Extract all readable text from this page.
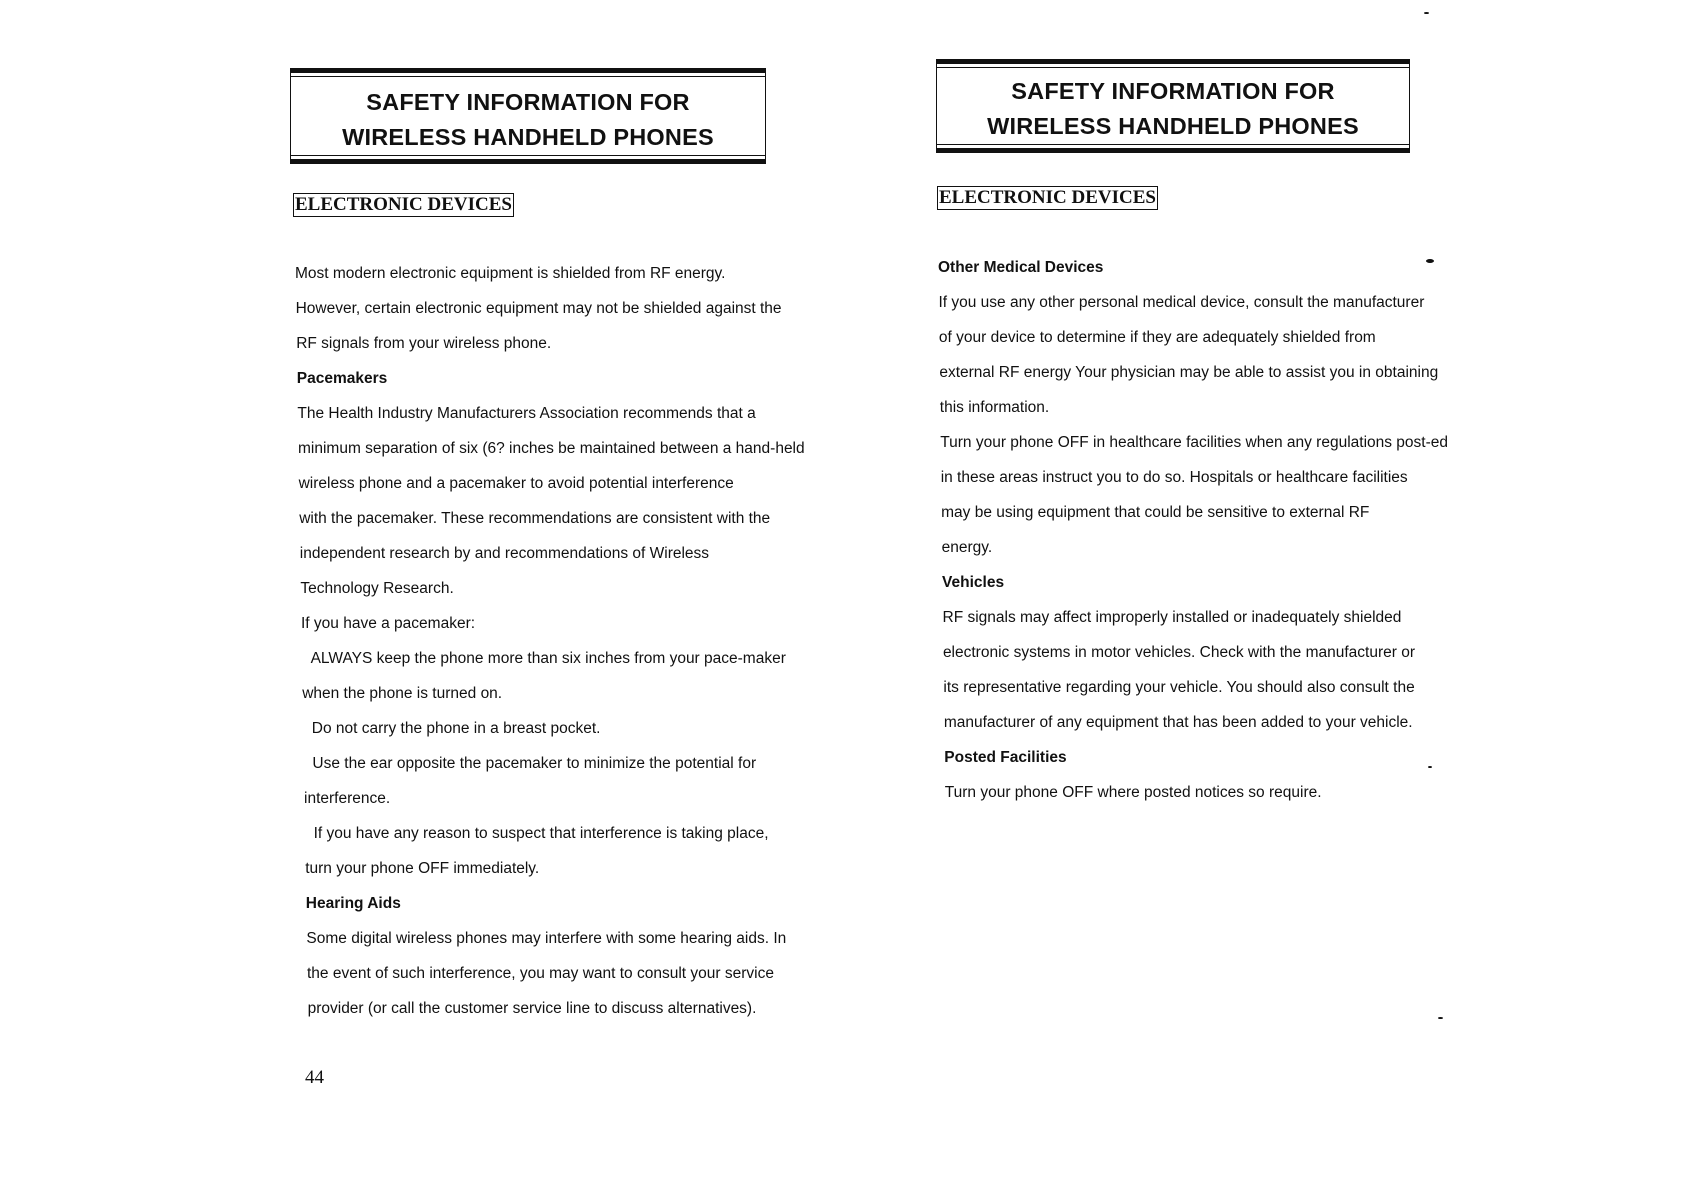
SAFETY INFORMATION FOR
WIRELESS HANDHELD PHONES
ELECTRONIC DEVICES
Most modern electronic equipment is shielded from RF energy.
However, certain electronic equipment may not be shielded against the
RF signals from your wireless phone.
Pacemakers
The Health Industry Manufacturers Association recommends that a
minimum separation of six (6? inches be maintained between a hand-held
wireless phone and a pacemaker to avoid potential interference
with the pacemaker. These recommendations are consistent with the
independent research by and recommendations of Wireless
Technology Research.
If you have a pacemaker:
ALWAYS keep the phone more than six inches from your pace-maker
when the phone is turned on.
Do not carry the phone in a breast pocket.
Use the ear opposite the pacemaker to minimize the potential for
interference.
If you have any reason to suspect that interference is taking place,
turn your phone OFF immediately.
Hearing Aids
Some digital wireless phones may interfere with some hearing aids. In
the event of such interference, you may want to consult your service
provider (or call the customer service line to discuss alternatives).
44
SAFETY INFORMATION FOR
WIRELESS HANDHELD PHONES
ELECTRONIC DEVICES
Other Medical Devices
If you use any other personal medical device, consult the manufacturer
of your device to determine if they are adequately shielded from
external RF energy Your physician may be able to assist you in obtaining
this information.
Turn your phone OFF in healthcare facilities when any regulations post-ed
in these areas instruct you to do so. Hospitals or healthcare facilities
may be using equipment that could be sensitive to external RF
energy.
Vehicles
RF signals may affect improperly installed or inadequately shielded
electronic systems in motor vehicles. Check with the manufacturer or
its representative regarding your vehicle. You should also consult the
manufacturer of any equipment that has been added to your vehicle.
Posted Facilities
Turn your phone OFF where posted notices so require.
